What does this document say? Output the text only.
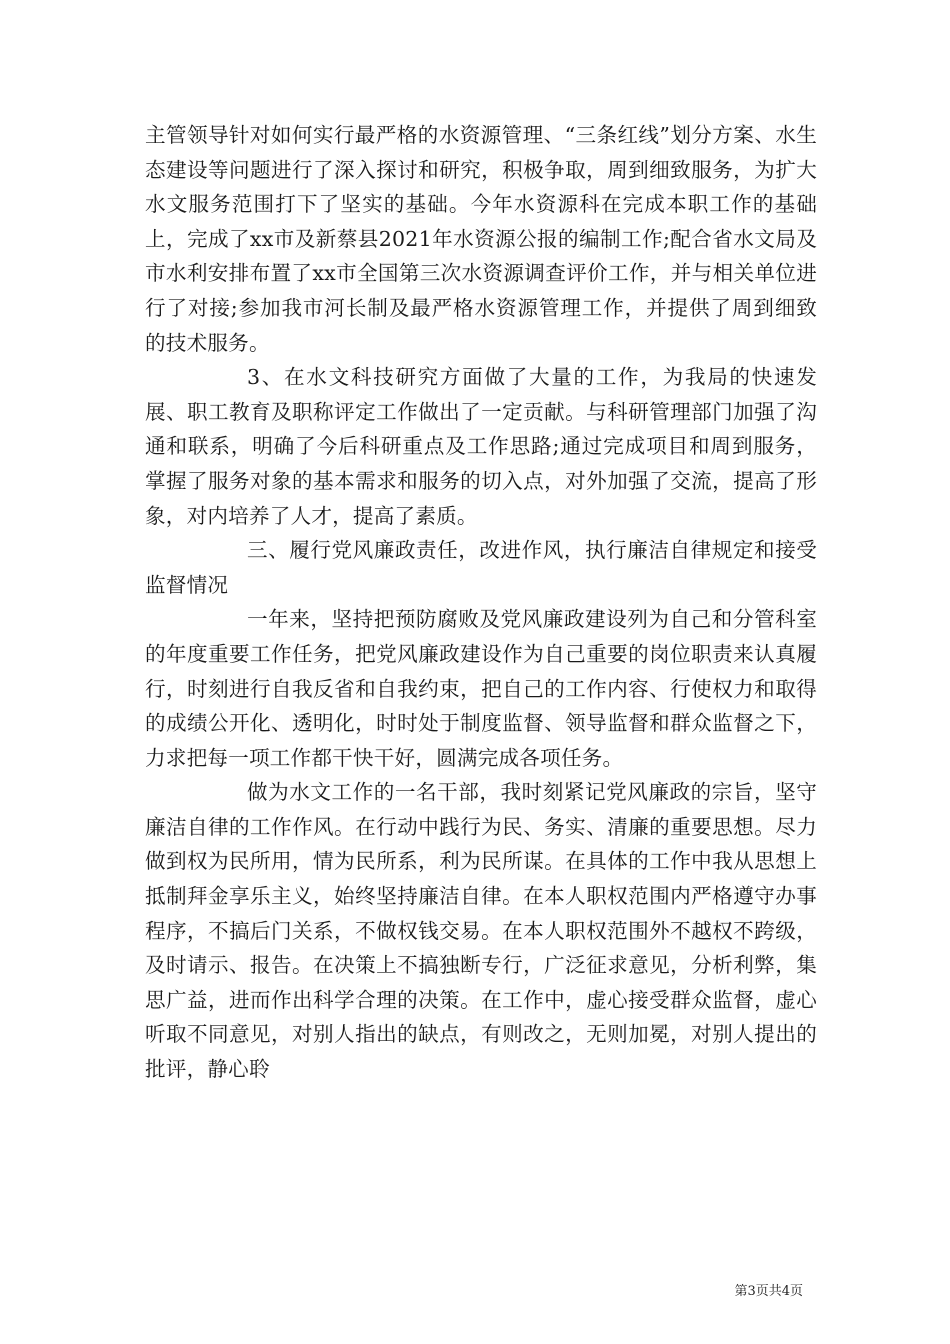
主管领导针对如何实行最严格的水资源管理、“三条红线”划分方案、水生态建设等问题进行了深入探讨和研究，积极争取，周到细致服务，为扩大水文服务范围打下了坚实的基础。今年水资源科在完成本职工作的基础上，完成了xx市及新蔡县2021年水资源公报的编制工作;配合省水文局及市水利安排布置了xx市全国第三次水资源调查评价工作，并与相关单位进行了对接;参加我市河长制及最严格水资源管理工作，并提供了周到细致的技术服务。

3、在水文科技研究方面做了大量的工作，为我局的快速发展、职工教育及职称评定工作做出了一定贡献。与科研管理部门加强了沟通和联系，明确了今后科研重点及工作思路;通过完成项目和周到服务，掌握了服务对象的基本需求和服务的切入点，对外加强了交流，提高了形象，对内培养了人才，提高了素质。

三、履行党风廉政责任，改进作风，执行廉洁自律规定和接受监督情况

一年来，坚持把预防腐败及党风廉政建设列为自己和分管科室的年度重要工作任务，把党风廉政建设作为自己重要的岗位职责来认真履行，时刻进行自我反省和自我约束，把自己的工作内容、行使权力和取得的成绩公开化、透明化，时时处于制度监督、领导监督和群众监督之下，力求把每一项工作都干快干好，圆满完成各项任务。

做为水文工作的一名干部，我时刻紧记党风廉政的宗旨，坚守廉洁自律的工作作风。在行动中践行为民、务实、清廉的重要思想。尽力做到权为民所用，情为民所系，利为民所谋。在具体的工作中我从思想上抵制拜金享乐主义，始终坚持廉洁自律。在本人职权范围内严格遵守办事程序，不搞后门关系，不做权钱交易。在本人职权范围外不越权不跨级，及时请示、报告。在决策上不搞独断专行，广泛征求意见，分析利弊，集思广益，进而作出科学合理的决策。在工作中，虚心接受群众监督，虚心听取不同意见，对别人指出的缺点，有则改之，无则加冕，对别人提出的批评，静心聆

第3页共4页
